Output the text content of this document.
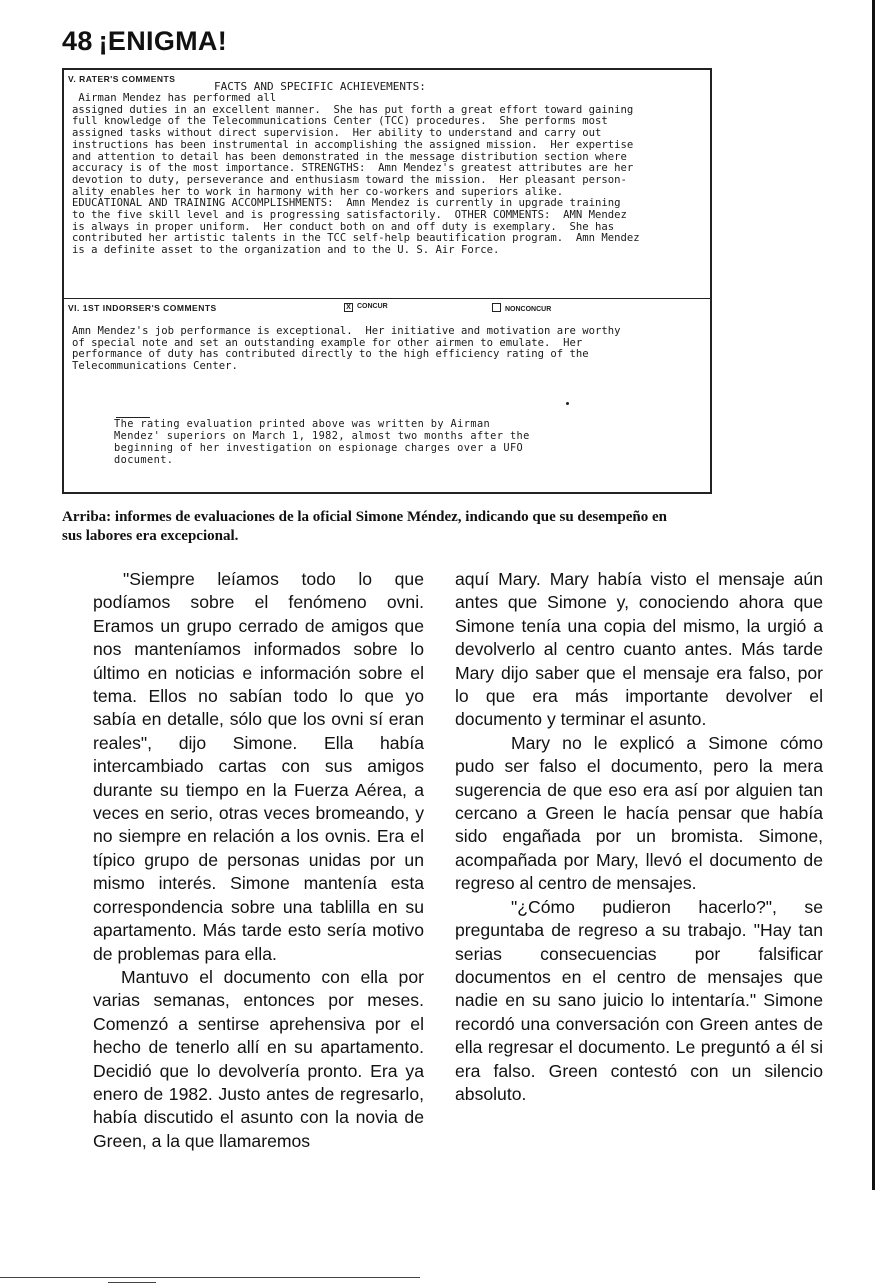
48 ¡ENIGMA!
V. RATER'S COMMENTS
FACTS AND SPECIFIC ACHIEVEMENTS:
Airman Mendez has performed all
assigned duties in an excellent manner.  She has put forth a great effort toward gaining
full knowledge of the Telecommunications Center (TCC) procedures.  She performs most
assigned tasks without direct supervision.  Her ability to understand and carry out
instructions has been instrumental in accomplishing the assigned mission.  Her expertise
and attention to detail has been demonstrated in the message distribution section where
accuracy is of the most importance. STRENGTHS:  Amn Mendez's greatest attributes are her
devotion to duty, perseverance and enthusiasm toward the mission.  Her pleasant person-
ality enables her to work in harmony with her co-workers and superiors alike.
EDUCATIONAL AND TRAINING ACCOMPLISHMENTS:  Amn Mendez is currently in upgrade training
to the five skill level and is progressing satisfactorily.  OTHER COMMENTS:  AMN Mendez
is always in proper uniform.  Her conduct both on and off duty is exemplary.  She has
contributed her artistic talents in the TCC self-help beautification program.  Amn Mendez
is a definite asset to the organization and to the U. S. Air Force.
VI. 1ST INDORSER'S COMMENTS	X CONCUR	NONCONCUR
Amn Mendez's job performance is exceptional.  Her initiative and motivation are worthy
of special note and set an outstanding example for other airmen to emulate.  Her
performance of duty has contributed directly to the high efficiency rating of the
Telecommunications Center.
The rating evaluation printed above was written by Airman
Mendez' superiors on March 1, 1982, almost two months after the
beginning of her investigation on espionage charges over a UFO
document.
Arriba: informes de evaluaciones de la oficial Simone Méndez, indicando que su desempeño en sus labores era excepcional.

"Siempre leíamos todo lo que podíamos sobre el fenómeno ovni. Eramos un grupo cerrado de amigos que nos manteníamos informados sobre lo último en noticias e información sobre el tema. Ellos no sabían todo lo que yo sabía en detalle, sólo que los ovni sí eran reales", dijo Simone. Ella había intercambiado cartas con sus amigos durante su tiempo en la Fuerza Aérea, a veces en serio, otras veces bromeando, y no siempre en relación a los ovnis. Era el típico grupo de personas unidas por un mismo interés. Simone mantenía esta correspondencia sobre una tablilla en su apartamento. Más tarde esto sería motivo de problemas para ella.

Mantuvo el documento con ella por varias semanas, entonces por meses. Comenzó a sentirse aprehensiva por el hecho de tenerlo allí en su apartamento. Decidió que lo devolvería pronto. Era ya enero de 1982. Justo antes de regresarlo, había discutido el asunto con la novia de Green, a la que llamaremos

aquí Mary. Mary había visto el mensaje aún antes que Simone y, conociendo ahora que Simone tenía una copia del mismo, la urgió a devolverlo al centro cuanto antes. Más tarde Mary dijo saber que el mensaje era falso, por lo que era más importante devolver el documento y terminar el asunto.

Mary no le explicó a Simone cómo pudo ser falso el documento, pero la mera sugerencia de que eso era así por alguien tan cercano a Green le hacía pensar que había sido engañada por un bromista. Simone, acompañada por Mary, llevó el documento de regreso al centro de mensajes.

"¿Cómo pudieron hacerlo?", se preguntaba de regreso a su trabajo. "Hay tan serias consecuencias por falsificar documentos en el centro de mensajes que nadie en su sano juicio lo intentaría." Simone recordó una conversación con Green antes de ella regresar el documento. Le preguntó a él si era falso. Green contestó con un silencio absoluto.
